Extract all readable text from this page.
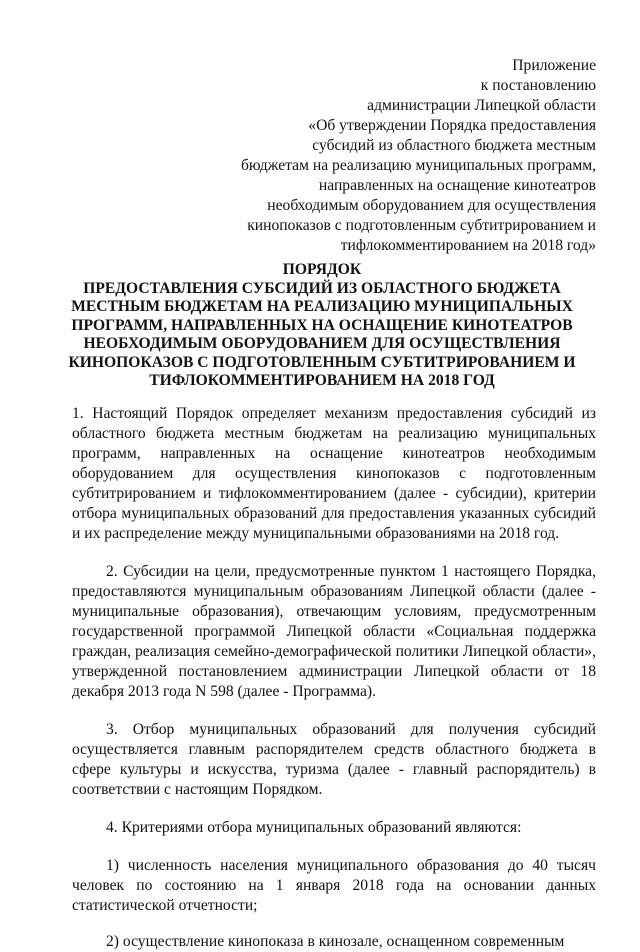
Приложение
к постановлению
администрации Липецкой области
«Об утверждении Порядка предоставления
субсидий из областного бюджета местным
бюджетам на реализацию муниципальных программ,
направленных на оснащение кинотеатров
необходимым оборудованием для осуществления
кинопоказов с подготовленным субтитрированием и
тифлокомментированием на 2018 год»
ПОРЯДОК
ПРЕДОСТАВЛЕНИЯ СУБСИДИЙ ИЗ ОБЛАСТНОГО БЮДЖЕТА
МЕСТНЫМ БЮДЖЕТАМ НА РЕАЛИЗАЦИЮ МУНИЦИПАЛЬНЫХ
ПРОГРАММ, НАПРАВЛЕННЫХ НА ОСНАЩЕНИЕ КИНОТЕАТРОВ
НЕОБХОДИМЫМ ОБОРУДОВАНИЕМ ДЛЯ ОСУЩЕСТВЛЕНИЯ
КИНОПОКАЗОВ С ПОДГОТОВЛЕННЫМ СУБТИТРИРОВАНИЕМ И
ТИФЛОКОММЕНТИРОВАНИЕМ НА 2018 ГОД

1. Настоящий Порядок определяет механизм предоставления субсидий из областного бюджета местным бюджетам на реализацию муниципальных программ, направленных на оснащение кинотеатров необходимым оборудованием для осуществления кинопоказов с подготовленным субтитрированием и тифлокомментированием (далее - субсидии), критерии отбора муниципальных образований для предоставления указанных субсидий и их распределение между муниципальными образованиями на 2018 год.

2. Субсидии на цели, предусмотренные пунктом 1 настоящего Порядка, предоставляются муниципальным образованиям Липецкой области (далее - муниципальные образования), отвечающим условиям, предусмотренным государственной программой Липецкой области «Социальная поддержка граждан, реализация семейно-демографической политики Липецкой области», утвержденной постановлением администрации Липецкой области от 18 декабря 2013 года N 598 (далее - Программа).

3. Отбор муниципальных образований для получения субсидий осуществляется главным распорядителем средств областного бюджета в сфере культуры и искусства, туризма (далее - главный распорядитель) в соответствии с настоящим Порядком.

4. Критериями отбора муниципальных образований являются:

1) численность населения муниципального образования до 40 тысяч человек по состоянию на 1 января 2018 года на основании данных статистической отчетности;

2) осуществление кинопоказа в кинозале, оснащенном современным
